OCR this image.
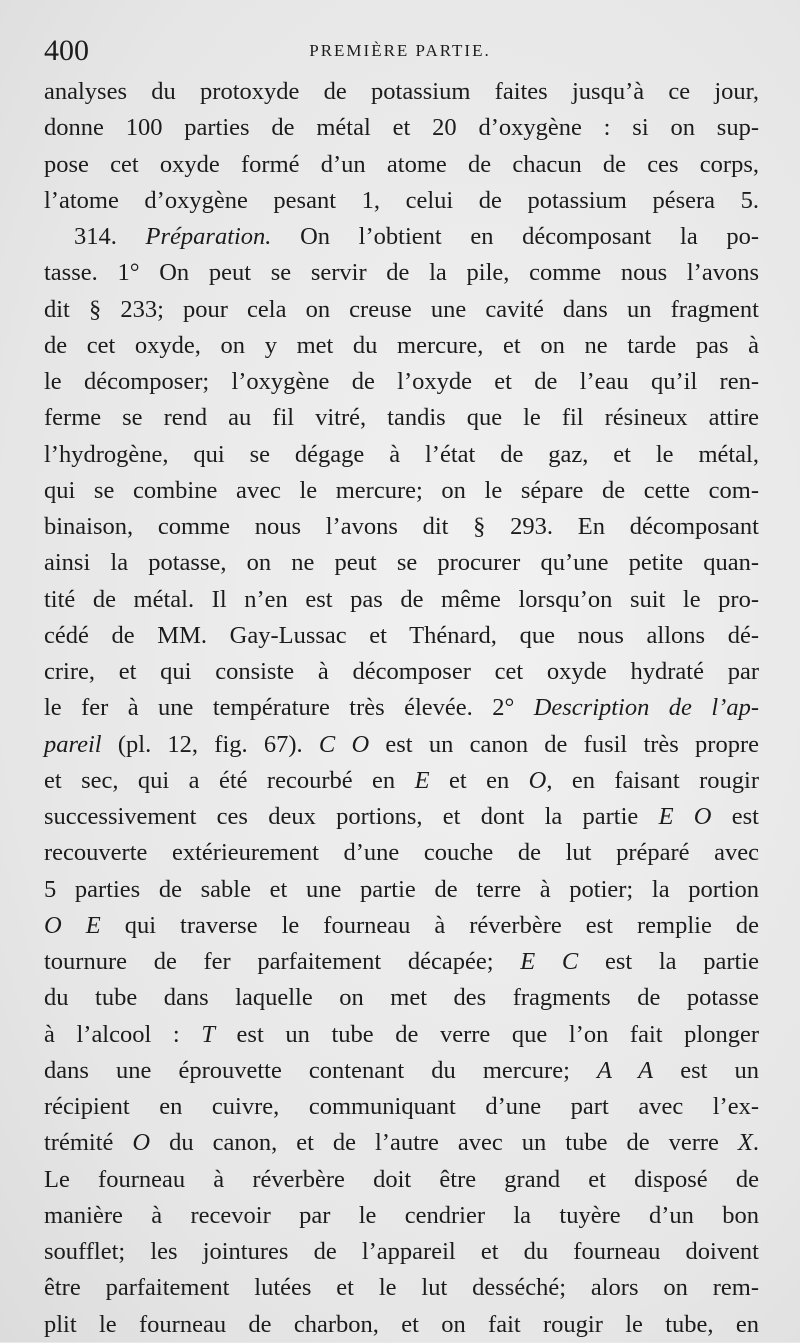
400	PREMIÈRE PARTIE.
analyses du protoxyde de potassium faites jusqu’à ce jour,
donne 100 parties de métal et 20 d’oxygène : si on sup-
pose cet oxyde formé d’un atome de chacun de ces corps,
l’atome d’oxygène pesant 1, celui de potassium pésera 5.
314. Préparation. On l’obtient en décomposant la po-
tasse. 1° On peut se servir de la pile, comme nous l’avons
dit § 233; pour cela on creuse une cavité dans un fragment
de cet oxyde, on y met du mercure, et on ne tarde pas à
le décomposer; l’oxygène de l’oxyde et de l’eau qu’il ren-
ferme se rend au fil vitré, tandis que le fil résineux attire
l’hydrogène, qui se dégage à l’état de gaz, et le métal,
qui se combine avec le mercure; on le sépare de cette com-
binaison, comme nous l’avons dit § 293. En décomposant
ainsi la potasse, on ne peut se procurer qu’une petite quan-
tité de métal. Il n’en est pas de même lorsqu’on suit le pro-
cédé de MM. Gay-Lussac et Thénard, que nous allons dé-
crire, et qui consiste à décomposer cet oxyde hydraté par
le fer à une température très élevée. 2° Description de l’ap-
pareil (pl. 12, fig. 67). C O est un canon de fusil très propre
et sec, qui a été recourbé en E et en O, en faisant rougir
successivement ces deux portions, et dont la partie E O est
recouverte extérieurement d’une couche de lut préparé avec
5 parties de sable et une partie de terre à potier; la portion
O E qui traverse le fourneau à réverbère est remplie de
tournure de fer parfaitement décapée; E C est la partie
du tube dans laquelle on met des fragments de potasse
à l’alcool : T est un tube de verre que l’on fait plonger
dans une éprouvette contenant du mercure; A A est un
récipient en cuivre, communiquant d’une part avec l’ex-
trémité O du canon, et de l’autre avec un tube de verre X.
Le fourneau à réverbère doit être grand et disposé de
manière à recevoir par le cendrier la tuyère d’un bon
soufflet; les jointures de l’appareil et du fourneau doivent
être parfaitement lutées et le lut desséché; alors on rem-
plit le fourneau de charbon, et on fait rougir le tube, en
